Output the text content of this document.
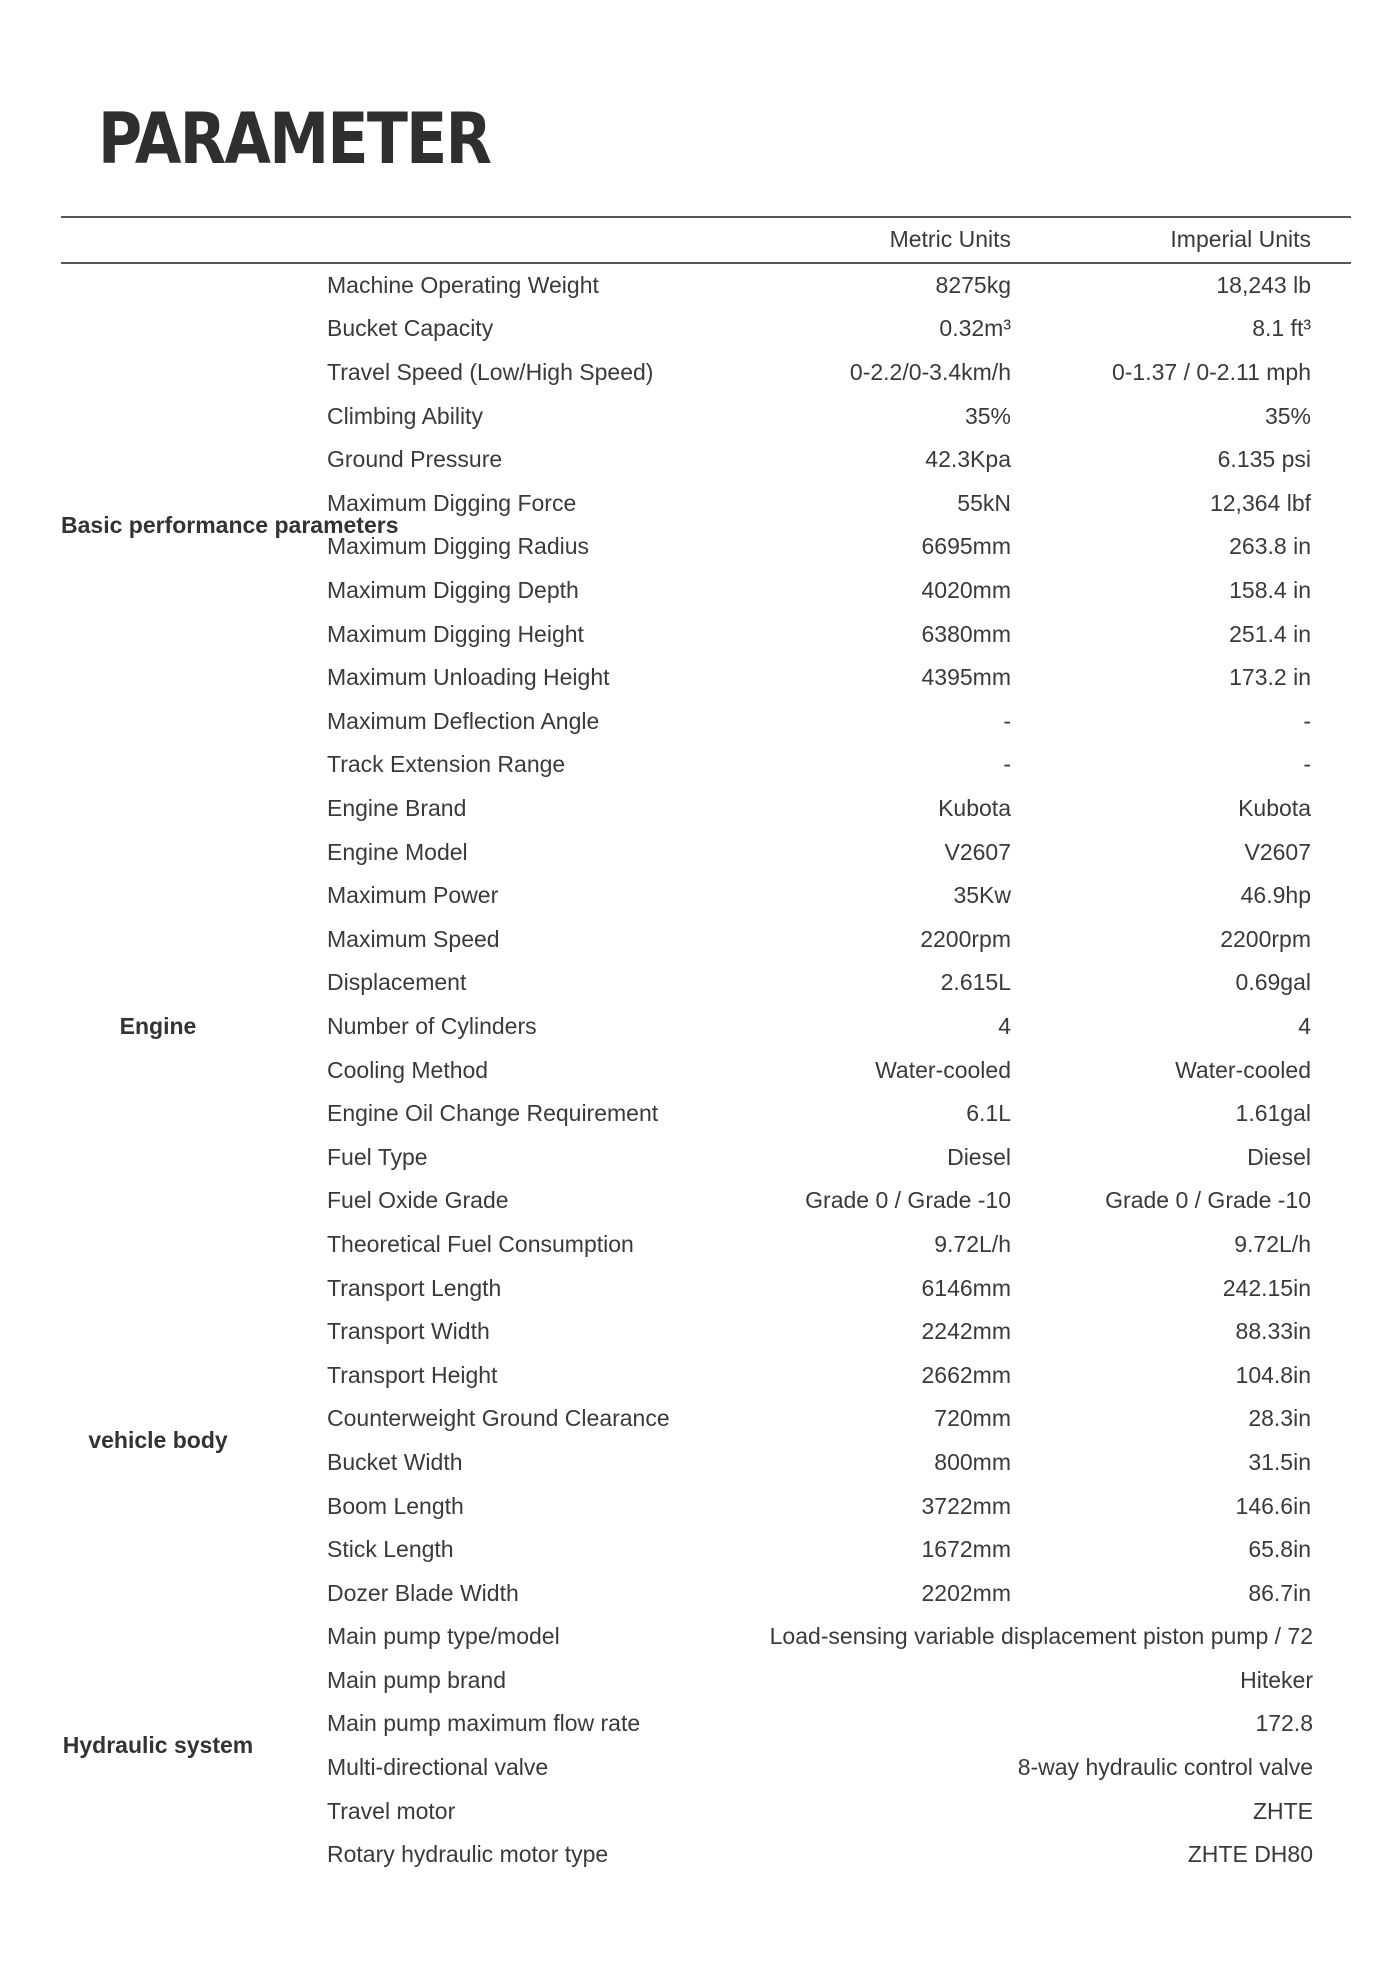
PARAMETER
		Metric Units	Imperial Units
Basic performance parameters	Machine Operating Weight	8275kg	18,243 lb
	Bucket Capacity	0.32m³	8.1 ft³
	Travel Speed (Low/High Speed)	0-2.2/0-3.4km/h	0-1.37 / 0-2.11 mph
	Climbing Ability	35%	35%
	Ground Pressure	42.3Kpa	6.135 psi
	Maximum Digging Force	55kN	12,364 lbf
	Maximum Digging Radius	6695mm	263.8 in
	Maximum Digging Depth	4020mm	158.4 in
	Maximum Digging Height	6380mm	251.4 in
	Maximum Unloading Height	4395mm	173.2 in
	Maximum Deflection Angle	-	-
	Track Extension Range	-	-
Engine	Engine Brand	Kubota	Kubota
	Engine Model	V2607	V2607
	Maximum Power	35Kw	46.9hp
	Maximum Speed	2200rpm	2200rpm
	Displacement	2.615L	0.69gal
	Number of Cylinders	4	4
	Cooling Method	Water-cooled	Water-cooled
	Engine Oil Change Requirement	6.1L	1.61gal
	Fuel Type	Diesel	Diesel
	Fuel Oxide Grade	Grade 0 / Grade -10	Grade 0 / Grade -10
	Theoretical Fuel Consumption	9.72L/h	9.72L/h
vehicle body	Transport Length	6146mm	242.15in
	Transport Width	2242mm	88.33in
	Transport Height	2662mm	104.8in
	Counterweight Ground Clearance	720mm	28.3in
	Bucket Width	800mm	31.5in
	Boom Length	3722mm	146.6in
	Stick Length	1672mm	65.8in
	Dozer Blade Width	2202mm	86.7in
Hydraulic system	Main pump type/model	Load-sensing variable displacement piston pump / 72	
	Main pump brand	Hiteker	
	Main pump maximum flow rate	172.8	
	Multi-directional valve	8-way hydraulic control valve	
	Travel motor	ZHTE	
	Rotary hydraulic motor type	ZHTE DH80	
